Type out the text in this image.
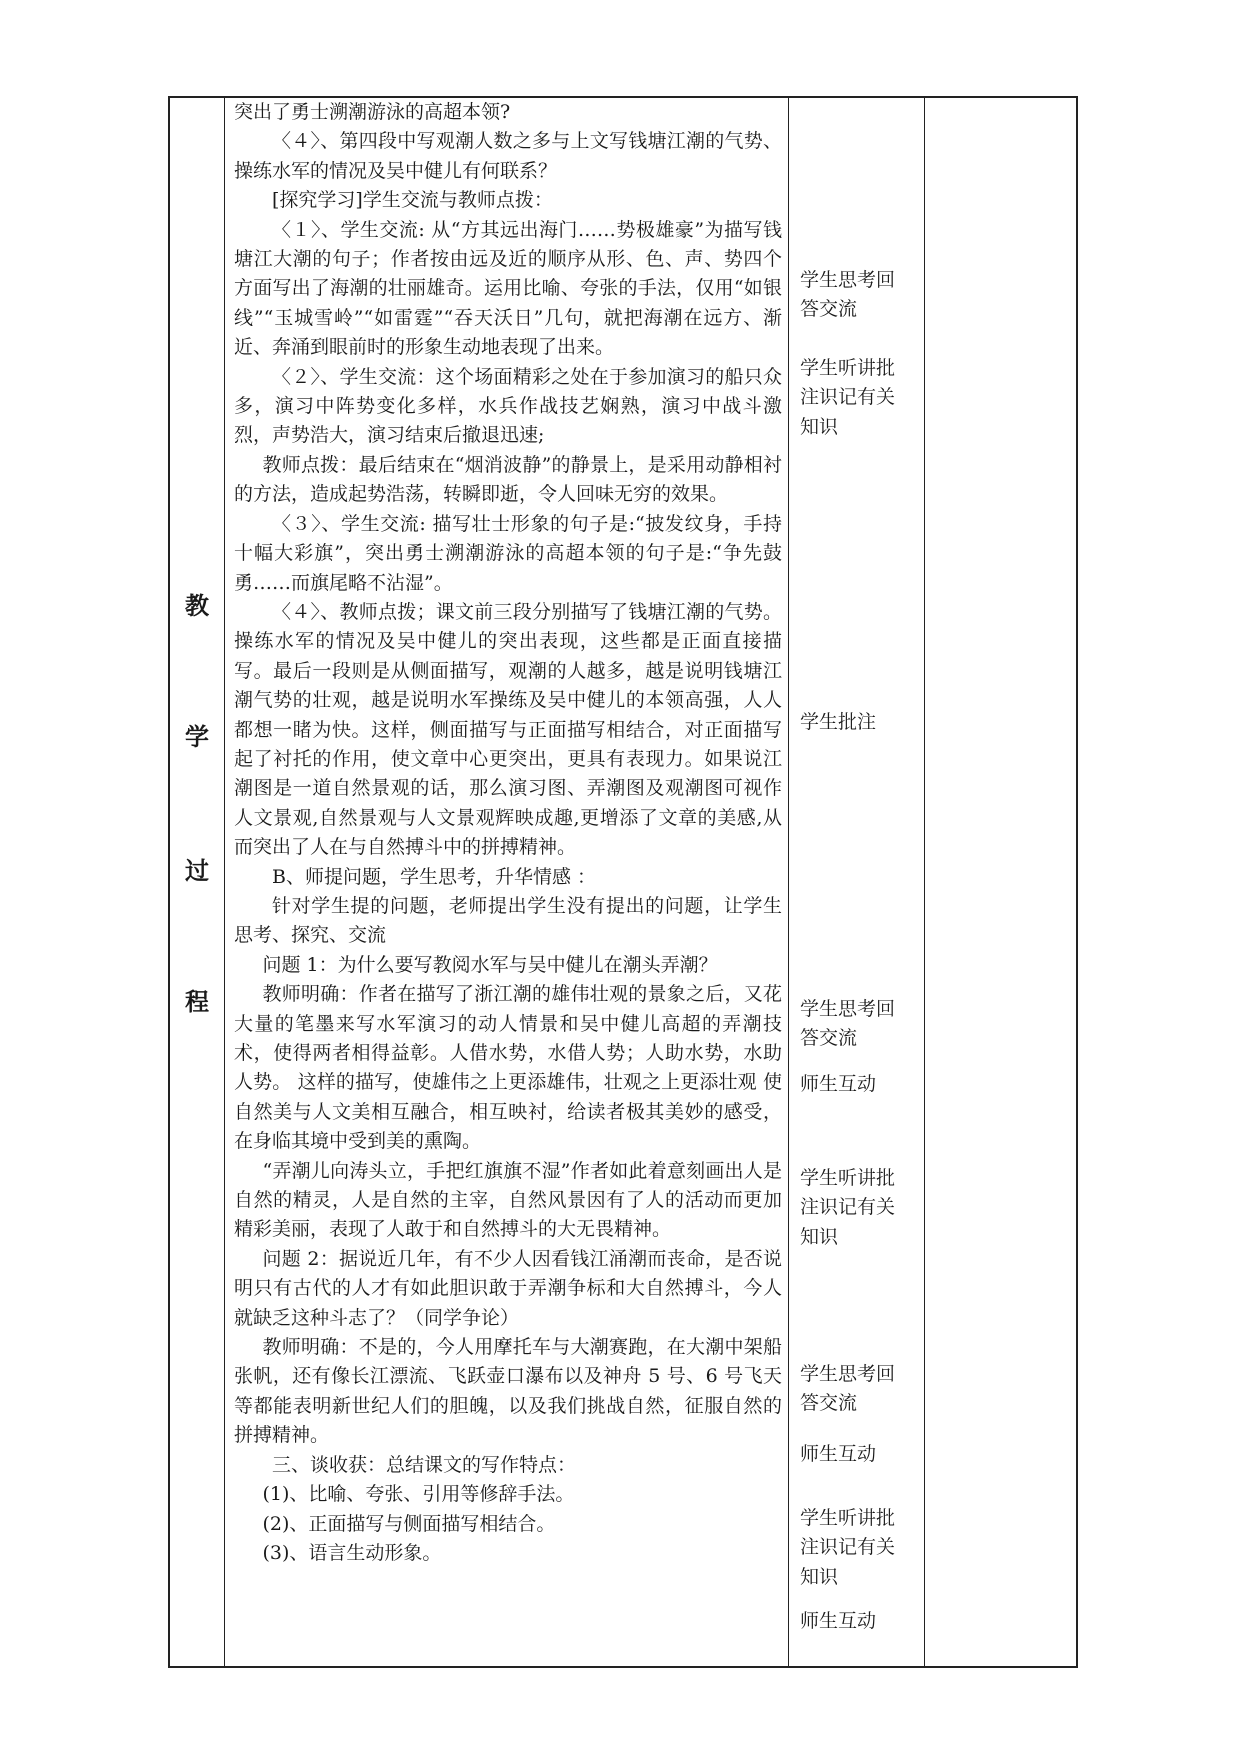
教
学
过
程

突出了勇士溯潮游泳的高超本领?

〈４〉、第四段中写观潮人数之多与上文写钱塘江潮的气势、 操练水军的情况及吴中健儿有何联系？

[探究学习]学生交流与教师点拨：

〈１〉、学生交流: 从“方其远出海门……势极雄豪”为描写钱塘江大潮的句子；作者按由远及近的顺序从形、色、声、势四个方面写出了海潮的壮丽雄奇。运用比喻、夸张的手法，仅用“如银线”“玉城雪岭”“如雷霆”“吞天沃日”几句，就把海潮在远方、渐近、奔涌到眼前时的形象生动地表现了出来。

〈２〉、学生交流：这个场面精彩之处在于参加演习的船只众多，演习中阵势变化多样，水兵作战技艺娴熟，演习中战斗激烈，声势浩大，演习结束后撤退迅速;

教师点拨：最后结束在“烟消波静”的静景上，是采用动静相衬的方法，造成起势浩荡，转瞬即逝，令人回味无穷的效果。

〈３〉、学生交流: 描写壮士形象的句子是:“披发纹身，手持十幅大彩旗”，突出勇士溯潮游泳的高超本领的句子是:“争先鼓勇……而旗尾略不沾湿”。

〈４〉、教师点拨；课文前三段分别描写了钱塘江潮的气势。 操练水军的情况及吴中健儿的突出表现，这些都是正面直接描写。最后一段则是从侧面描写，观潮的人越多，越是说明钱塘江潮气势的壮观，越是说明水军操练及吴中健儿的本领高强，人人都想一睹为快。这样，侧面描写与正面描写相结合，对正面描写起了衬托的作用，使文章中心更突出，更具有表现力。如果说江潮图是一道自然景观的话，那么演习图、弄潮图及观潮图可视作人文景观,自然景观与人文景观辉映成趣,更增添了文章的美感,从而突出了人在与自然搏斗中的拼搏精神。

B、师提问题，学生思考，升华情感 ：

针对学生提的问题，老师提出学生没有提出的问题，让学生思考、探究、交流

问题 1：为什么要写教阅水军与吴中健儿在潮头弄潮？

教师明确：作者在描写了浙江潮的雄伟壮观的景象之后，又花大量的笔墨来写水军演习的动人情景和吴中健儿高超的弄潮技术，使得两者相得益彰。人借水势，水借人势；人助水势，水助人势。 这样的描写，使雄伟之上更添雄伟，壮观之上更添壮观 使自然美与人文美相互融合，相互映衬，给读者极其美妙的感受，在身临其境中受到美的熏陶。

“弄潮儿向涛头立，手把红旗旗不湿”作者如此着意刻画出人是自然的精灵，人是自然的主宰，自然风景因有了人的活动而更加精彩美丽，表现了人敢于和自然搏斗的大无畏精神。

问题 2：据说近几年，有不少人因看钱江涌潮而丧命，是否说明只有古代的人才有如此胆识敢于弄潮争标和大自然搏斗，今人就缺乏这种斗志了？（同学争论）

教师明确：不是的，今人用摩托车与大潮赛跑，在大潮中架船张帆，还有像长江漂流、飞跃壶口瀑布以及神舟 5 号、6 号飞天等都能表明新世纪人们的胆魄，以及我们挑战自然，征服自然的拼搏精神。

三、谈收获：总结课文的写作特点：

(1)、比喻、夸张、引用等修辞手法。

(2)、正面描写与侧面描写相结合。

(3)、语言生动形象。

学生思考回
答交流
学生听讲批
注识记有关
知识
学生批注
学生思考回
答交流
师生互动
学生听讲批
注识记有关
知识
学生思考回
答交流
师生互动
学生听讲批
注识记有关
知识
师生互动
